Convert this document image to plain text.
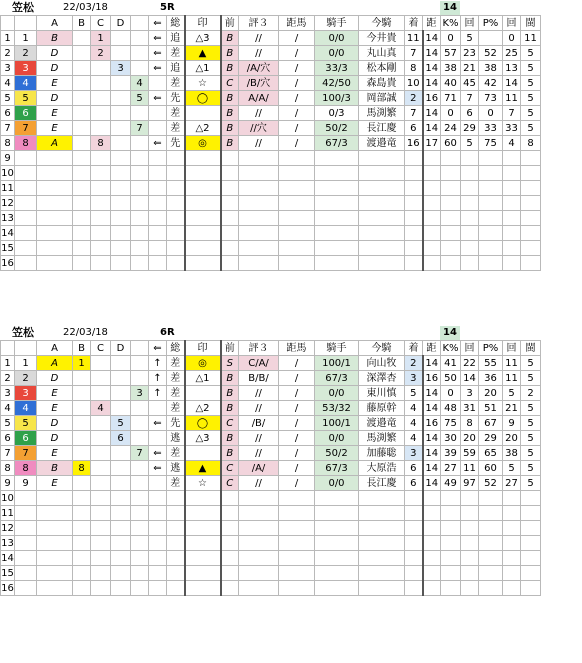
笠松	22/03/18	5R	14
		A	B	C	D		⇐	総	印	前	評３	距馬	騎手	今騎	着	距	K%	回	P%	回	閩
1	1	B		1			⇐	追	△3	B	//	/	0/0	今井貴	11	14	0	5		0	11
2	2	D		2			⇐	差	▲	B	//	/	0/0	丸山真	7	14	57	23	52	25	5
3	3	D			3		⇐	追	△1	B	/A/穴	/	33/3	松本剛	8	14	38	21	38	13	5
4	4	E				4		差	☆	C	/B/穴	/	42/50	森島貴	10	14	40	45	42	14	5
5	5	D				5	⇐	先	◯	B	A/A/	/	100/3	岡部誠	2	16	71	7	73	11	5
6	6	E						差		B	//	/	0/3	馬渕繁	7	14	0	6	0	7	5
7	7	E				7		差	△2	B	//穴	/	50/2	長江慶	6	14	24	29	33	33	5
8	8	A		8			⇐	先	◎	B	//	/	67/3	渡邉竜	16	17	60	5	75	4	8
9																					
10																					
11																					
12																					
13																					
14																					
15																					
16																					
笠松	22/03/18	6R	14
		A	B	C	D		⇐	総	印	前	評３	距馬	騎手	今騎	着	距	K%	回	P%	回	閩
1	1	A	1				↑	差	◎	S	C/A/	/	100/1	向山牧	2	14	41	22	55	11	5
2	2	D					↑	差	△1	B	B/B/	/	67/3	深澤杏	3	16	50	14	36	11	5
3	3	E				3	↑	差		B	//	/	0/0	東川慎	5	14	0	3	20	5	2
4	4	E		4				差	△2	B	//	/	53/32	藤原幹	4	14	48	31	51	21	5
5	5	D			5		⇐	先	◯	C	/B/	/	100/1	渡邉竜	4	16	75	8	67	9	5
6	6	D			6			逃	△3	B	//	/	0/0	馬渕繁	4	14	30	20	29	20	5
7	7	E				7	⇐	差		B	//	/	50/2	加藤聡	3	14	39	59	65	38	5
8	8	B	8				⇐	逃	▲	C	/A/	/	67/3	大原浩	6	14	27	11	60	5	5
9	9	E						差	☆	C	//	/	0/0	長江慶	6	14	49	97	52	27	5
10																					
11																					
12																					
13																					
14																					
15																					
16																					
